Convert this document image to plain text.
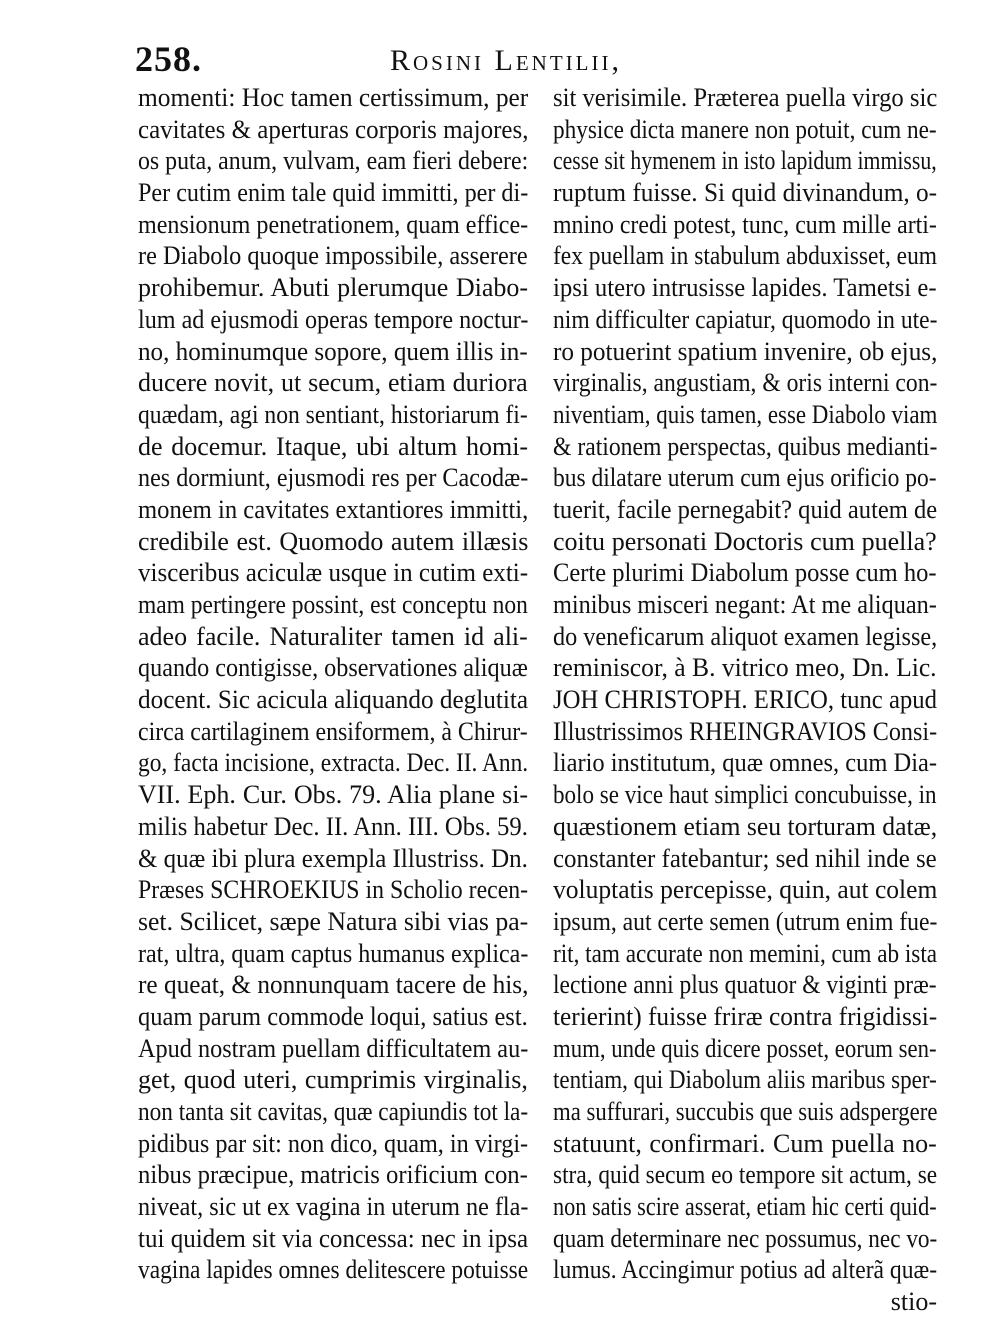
258.	Rosini Lentilii,
momenti: Hoc tamen certissimum, per
cavitates & aperturas corporis majores,
os puta, anum, vulvam, eam fieri debere:
Per cutim enim tale quid immitti, per di-
mensionum penetrationem, quam effice-
re Diabolo quoque impossibile, asserere
prohibemur. Abuti plerumque Diabo-
lum ad ejusmodi operas tempore noctur-
no, hominumque sopore, quem illis in-
ducere novit, ut secum, etiam duriora
quædam, agi non sentiant, historiarum fi-
de docemur. Itaque, ubi altum homi-
nes dormiunt, ejusmodi res per Cacodæ-
monem in cavitates extantiores immitti,
credibile est. Quomodo autem illæsis
visceribus aciculæ usque in cutim exti-
mam pertingere possint, est conceptu non
adeo facile. Naturaliter tamen id ali-
quando contigisse, observationes aliquæ
docent. Sic acicula aliquando deglutita
circa cartilaginem ensiformem, à Chirur-
go, facta incisione, extracta. Dec. II. Ann.
VII. Eph. Cur. Obs. 79. Alia plane si-
milis habetur Dec. II. Ann. III. Obs. 59.
& quæ ibi plura exempla Illustriss. Dn.
Præses SCHROEKIUS in Scholio recen-
set. Scilicet, sæpe Natura sibi vias pa-
rat, ultra, quam captus humanus explica-
re queat, & nonnunquam tacere de his,
quam parum commode loqui, satius est.
Apud nostram puellam difficultatem au-
get, quod uteri, cumprimis virginalis,
non tanta sit cavitas, quæ capiundis tot la-
pidibus par sit: non dico, quam, in virgi-
nibus præcipue, matricis orificium con-
niveat, sic ut ex vagina in uterum ne fla-
tui quidem sit via concessa: nec in ipsa
vagina lapides omnes delitescere potuisse
sit verisimile. Præterea puella virgo sic
physice dicta manere non potuit, cum ne-
cesse sit hymenem in isto lapidum immissu,
ruptum fuisse. Si quid divinandum, o-
mnino credi potest, tunc, cum mille arti-
fex puellam in stabulum abduxisset, eum
ipsi utero intrusisse lapides. Tametsi e-
nim difficulter capiatur, quomodo in ute-
ro potuerint spatium invenire, ob ejus,
virginalis, angustiam, & oris interni con-
niventiam, quis tamen, esse Diabolo viam
& rationem perspectas, quibus medianti-
bus dilatare uterum cum ejus orificio po-
tuerit, facile pernegabit? quid autem de
coitu personati Doctoris cum puella?
Certe plurimi Diabolum posse cum ho-
minibus misceri negant: At me aliquan-
do veneficarum aliquot examen legisse,
reminiscor, à B. vitrico meo, Dn. Lic.
JOH CHRISTOPH. ERICO, tunc apud
Illustrissimos RHEINGRAVIOS Consi-
liario institutum, quæ omnes, cum Dia-
bolo se vice haut simplici concubuisse, in
quæstionem etiam seu torturam datæ,
constanter fatebantur; sed nihil inde se
voluptatis percepisse, quin, aut colem
ipsum, aut certe semen (utrum enim fue-
rit, tam accurate non memini, cum ab ista
lectione anni plus quatuor & viginti præ-
terierint) fuisse friræ contra frigidissi-
mum, unde quis dicere posset, eorum sen-
tentiam, qui Diabolum aliis maribus sper-
ma suffurari, succubis que suis adspergere
statuunt, confirmari. Cum puella no-
stra, quid secum eo tempore sit actum, se
non satis scire asserat, etiam hic certi quid-
quam determinare nec possumus, nec vo-
lumus. Accingimur potius ad alterã quæ-
stio-
